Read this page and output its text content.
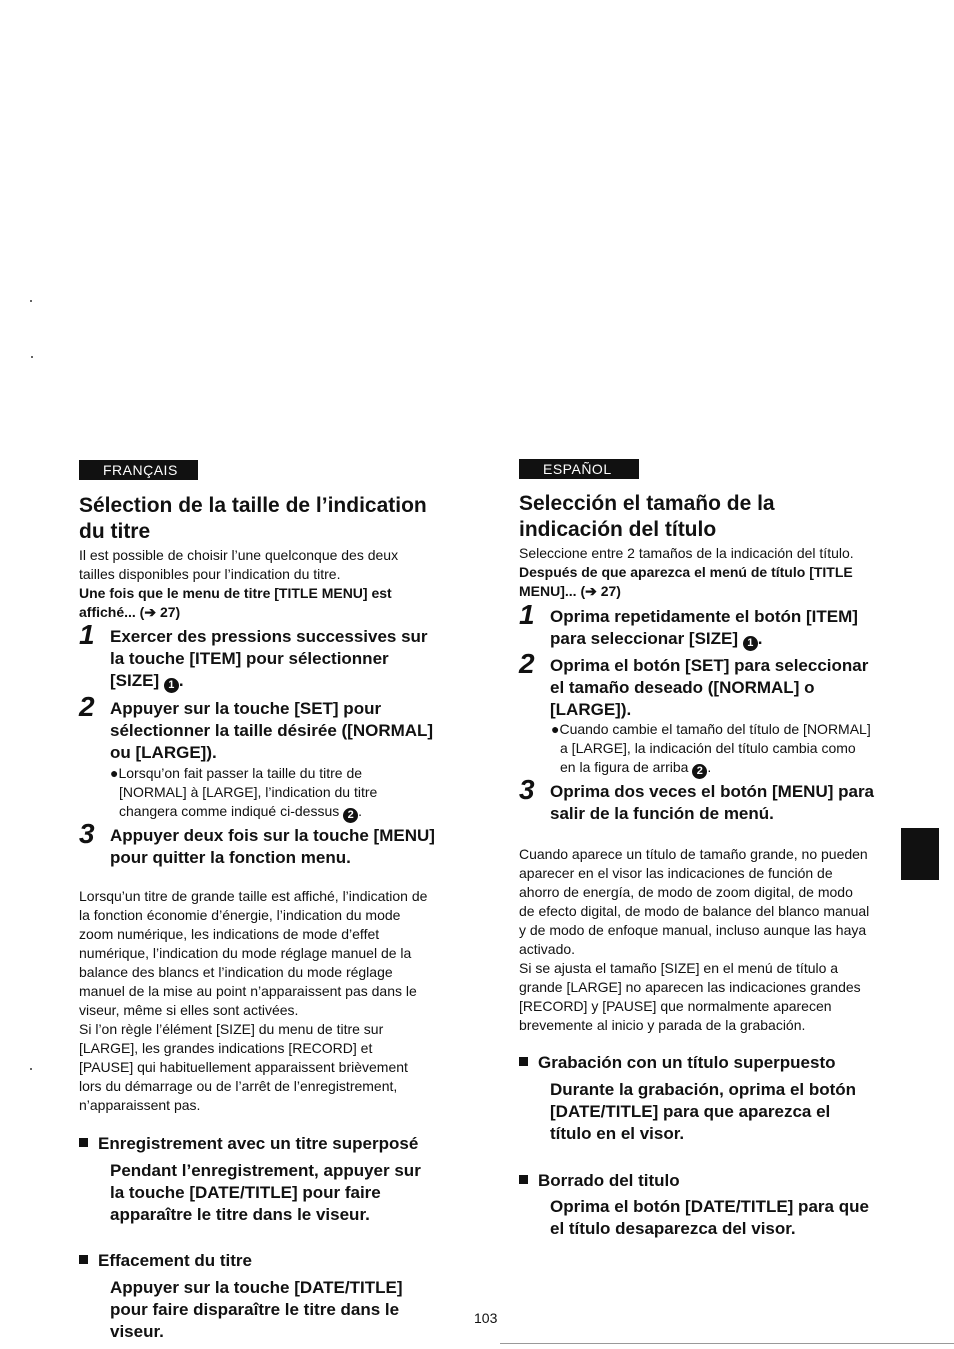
FRANÇAIS
Sélection de la taille de l’indication
du titre
Il est possible de choisir l’une quelconque des deux
tailles disponibles pour l’indication du titre.
Une fois que le menu de titre [TITLE MENU] est
affiché... (➔ 27)
1 Exercer des pressions successives sur
la touche [ITEM] pour sélectionner
[SIZE] 1 .
2 Appuyer sur la touche [SET] pour
sélectionner la taille désirée ([NORMAL]
ou [LARGE]).
●Lorsqu’on fait passer la taille du titre de
[NORMAL] à [LARGE], l’indication du titre
changera comme indiqué ci-dessus 2 .
3 Appuyer deux fois sur la touche [MENU]
pour quitter la fonction menu.
Lorsqu’un titre de grande taille est affiché, l’indication de
la fonction économie d’énergie, l’indication du mode
zoom numérique, les indications de mode d’effet
numérique, l’indication du mode réglage manuel de la
balance des blancs et l’indication du mode réglage
manuel de la mise au point n’apparaissent pas dans le
viseur, même si elles sont activées.
Si l’on règle l’élément [SIZE] du menu de titre sur
[LARGE], les grandes indications [RECORD] et
[PAUSE] qui habituellement apparaissent brièvement
lors du démarrage ou de l’arrêt de l’enregistrement,
n’apparaissent pas.
Enregistrement avec un titre superposé
Pendant l’enregistrement, appuyer sur
la touche [DATE/TITLE] pour faire
apparaître le titre dans le viseur.
Effacement du titre
Appuyer sur la touche [DATE/TITLE]
pour faire disparaître le titre dans le
viseur.
ESPAÑOL
Selección el tamaño de la
indicación del título
Seleccione entre 2 tamaños de la indicación del título.
Después de que aparezca el menú de título [TITLE
MENU]... (➔ 27)
1 Oprima repetidamente el botón [ITEM]
para seleccionar [SIZE] 1 .
2 Oprima el botón [SET] para seleccionar
el tamaño deseado ([NORMAL] o
[LARGE]).
●Cuando cambie el tamaño del título de [NORMAL]
a [LARGE], la indicación del título cambia como
en la figura de arriba 2 .
3 Oprima dos veces el botón [MENU] para
salir de la función de menú.
Cuando aparece un título de tamaño grande, no pueden
aparecer en el visor las indicaciones de función de
ahorro de energía, de modo de zoom digital, de modo
de efecto digital, de modo de balance del blanco manual
y de modo de enfoque manual, incluso aunque las haya
activado.
Si se ajusta el tamaño [SIZE] en el menú de título a
grande [LARGE] no aparecen las indicaciones grandes
[RECORD] y [PAUSE] que normalmente aparecen
brevemente al inicio y parada de la grabación.
Grabación con un título superpuesto
Durante la grabación, oprima el botón
[DATE/TITLE] para que aparezca el
título en el visor.
Borrado del titulo
Oprima el botón [DATE/TITLE] para que
el título desaparezca del visor.
103
